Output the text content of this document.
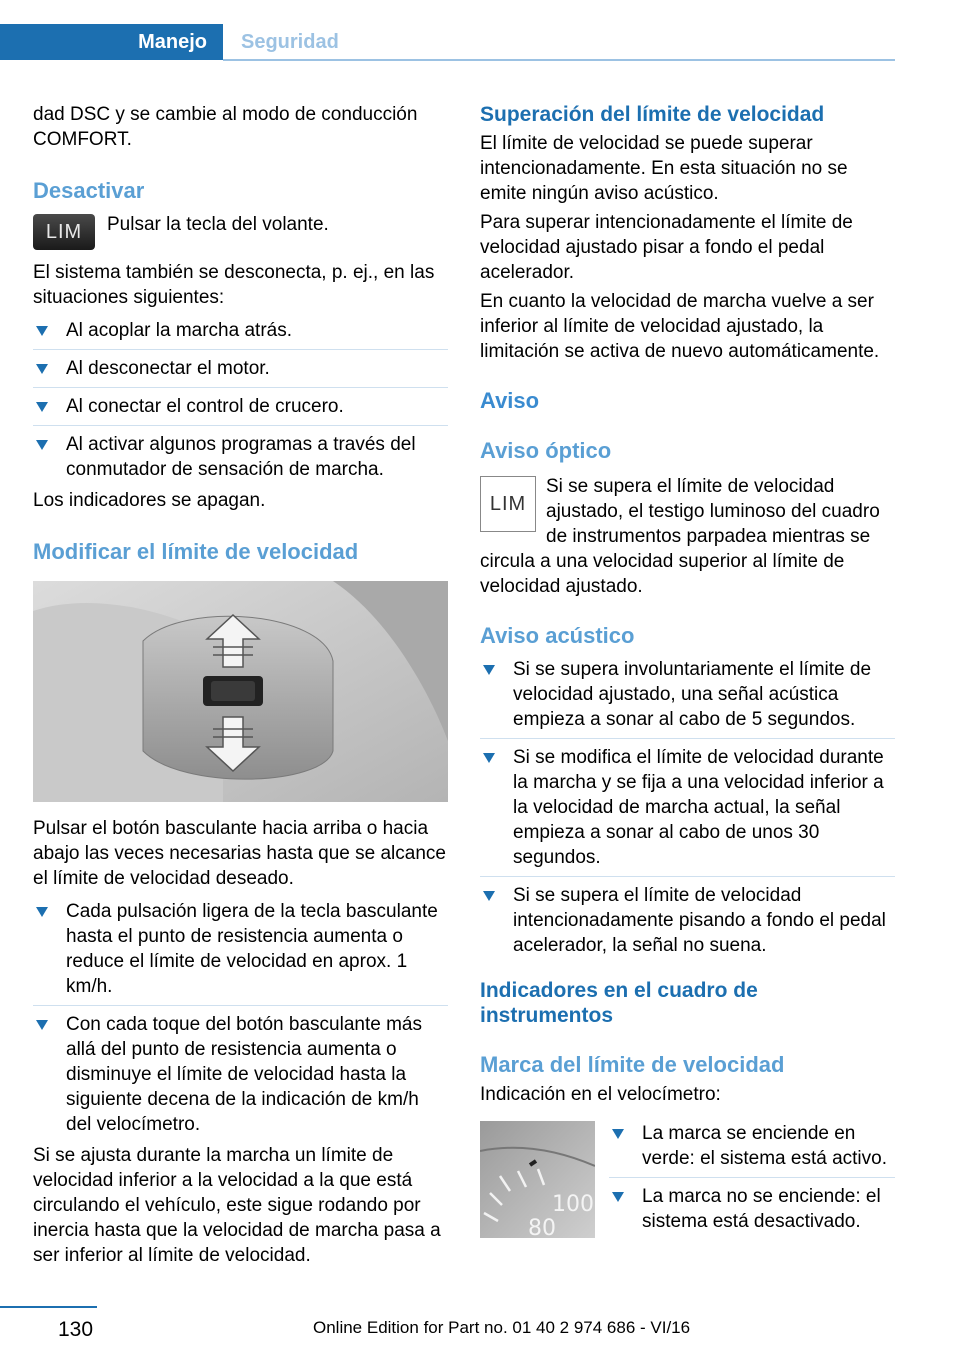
Manejo	Seguridad

dad DSC y se cambie al modo de conducción COMFORT.

Desactivar
LIM	Pulsar la tecla del volante.

El sistema también se desconecta, p. ej., en las situaciones siguientes:

Al acoplar la marcha atrás.
Al desconectar el motor.
Al conectar el control de crucero.
Al activar algunos programas a través del conmutador de sensación de marcha.

Los indicadores se apagan.

Modificar el límite de velocidad

Pulsar el botón basculante hacia arriba o hacia abajo las veces necesarias hasta que se alcance el límite de velocidad deseado.

Cada pulsación ligera de la tecla basculante hasta el punto de resistencia aumenta o reduce el límite de velocidad en aprox. 1 km/h.
Con cada toque del botón basculante más allá del punto de resistencia aumenta o disminuye el límite de velocidad hasta la siguiente decena de la indicación de km/h del velocímetro.

Si se ajusta durante la marcha un límite de velocidad inferior a la velocidad a la que está circulando el vehículo, este sigue rodando por inercia hasta que la velocidad de marcha pasa a ser inferior al límite de velocidad.

Superación del límite de velocidad

El límite de velocidad se puede superar intencionadamente. En esta situación no se emite ningún aviso acústico.

Para superar intencionadamente el límite de velocidad ajustado pisar a fondo el pedal acelerador.

En cuanto la velocidad de marcha vuelve a ser inferior al límite de velocidad ajustado, la limitación se activa de nuevo automáticamente.

Aviso
Aviso óptico
LIM

Si se supera el límite de velocidad ajustado, el testigo luminoso del cuadro de instrumentos parpadea mientras se circula a una velocidad superior al límite de velocidad ajustado.

Aviso acústico
Si se supera involuntariamente el límite de velocidad ajustado, una señal acústica empieza a sonar al cabo de 5 segundos.
Si se modifica el límite de velocidad durante la marcha y se fija a una velocidad inferior a la velocidad de marcha actual, la señal empieza a sonar al cabo de unos 30 segundos.
Si se supera el límite de velocidad intencionadamente pisando a fondo el pedal acelerador, la señal no suena.
Indicadores en el cuadro de instrumentos
Marca del límite de velocidad

Indicación en el velocímetro:

100
80
La marca se enciende en verde: el sistema está activo.
La marca no se enciende: el sistema está desactivado.
130	Online Edition for Part no. 01 40 2 974 686 - VI/16
